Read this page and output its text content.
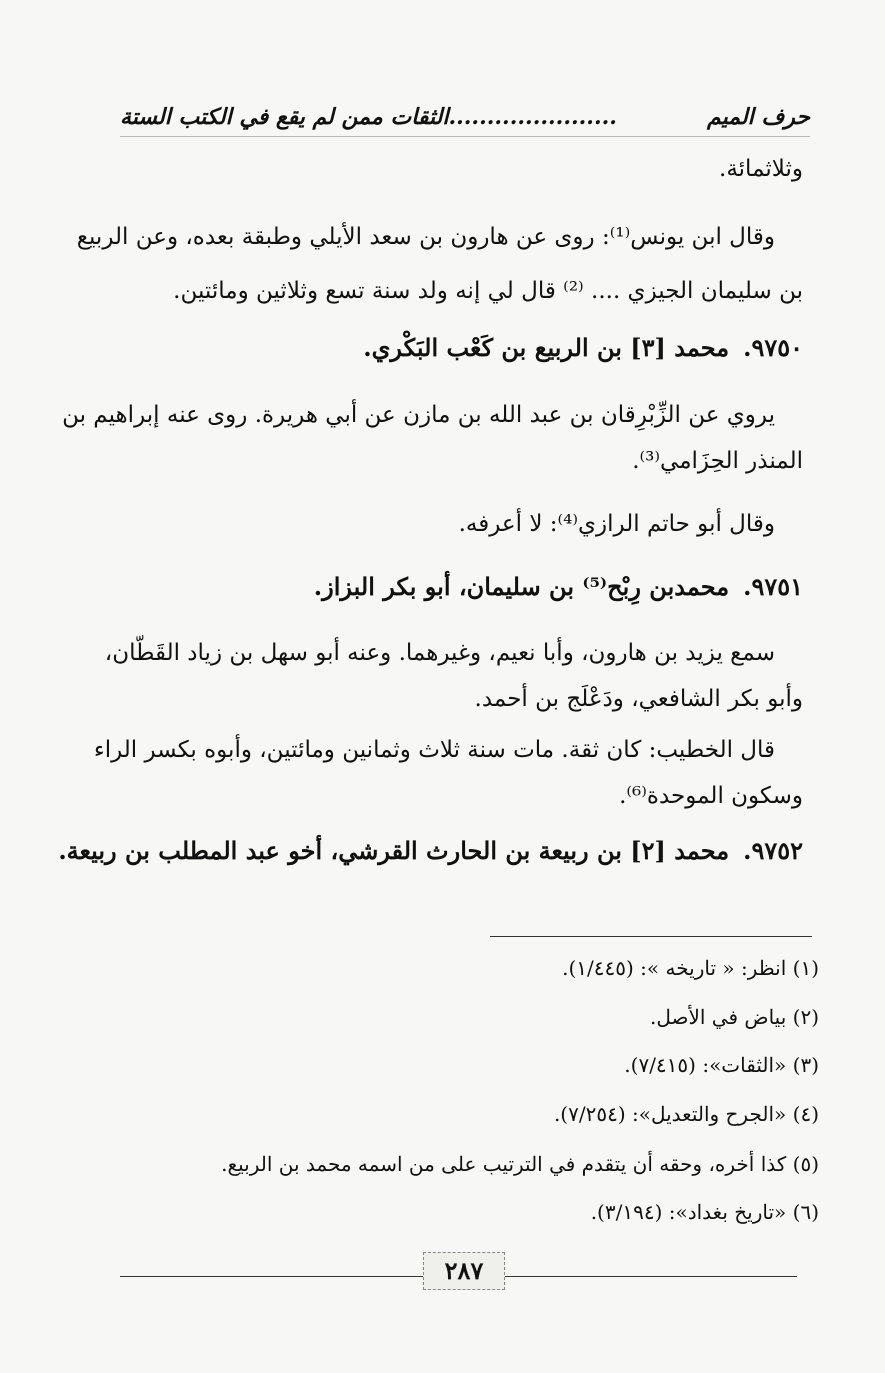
حرف الميم
......................الثقات ممن لم يقع في الكتب الستة
وثلاثمائة.
وقال ابن يونس⁽¹⁾: روى عن هارون بن سعد الأيلي وطبقة بعده، وعن الربيع
بن سليمان الجيزي .... ⁽²⁾ قال لي إنه ولد سنة تسع وثلاثين ومائتين.
٩٧٥٠.محمد [٣] بن الربيع بن كَعْب البَكْري.
يروي عن الزِّبْرِقان بن عبد الله بن مازن عن أبي هريرة. روى عنه إبراهيم بن
المنذر الحِزَامي⁽³⁾.
وقال أبو حاتم الرازي⁽⁴⁾: لا أعرفه.
٩٧٥١.محمدبن رِبْح⁽⁵⁾ بن سليمان، أبو بكر البزاز.
سمع يزيد بن هارون، وأبا نعيم، وغيرهما. وعنه أبو سهل بن زياد القَطّان،
وأبو بكر الشافعي، ودَعْلَج بن أحمد.
قال الخطيب: كان ثقة. مات سنة ثلاث وثمانين ومائتين، وأبوه بكسر الراء
وسكون الموحدة⁽⁶⁾.
٩٧٥٢.محمد [٢] بن ربيعة بن الحارث القرشي، أخو عبد المطلب بن ربيعة.
(١) انظر: « تاريخه »: (١/٤٤٥).
(٢) بياض في الأصل.
(٣) «الثقات»: (٧/٤١٥).
(٤) «الجرح والتعديل»: (٧/٢٥٤).
(٥) كذا أخره، وحقه أن يتقدم في الترتيب على من اسمه محمد بن الربيع.
(٦) «تاريخ بغداد»: (٣/١٩٤).
٢٨٧
